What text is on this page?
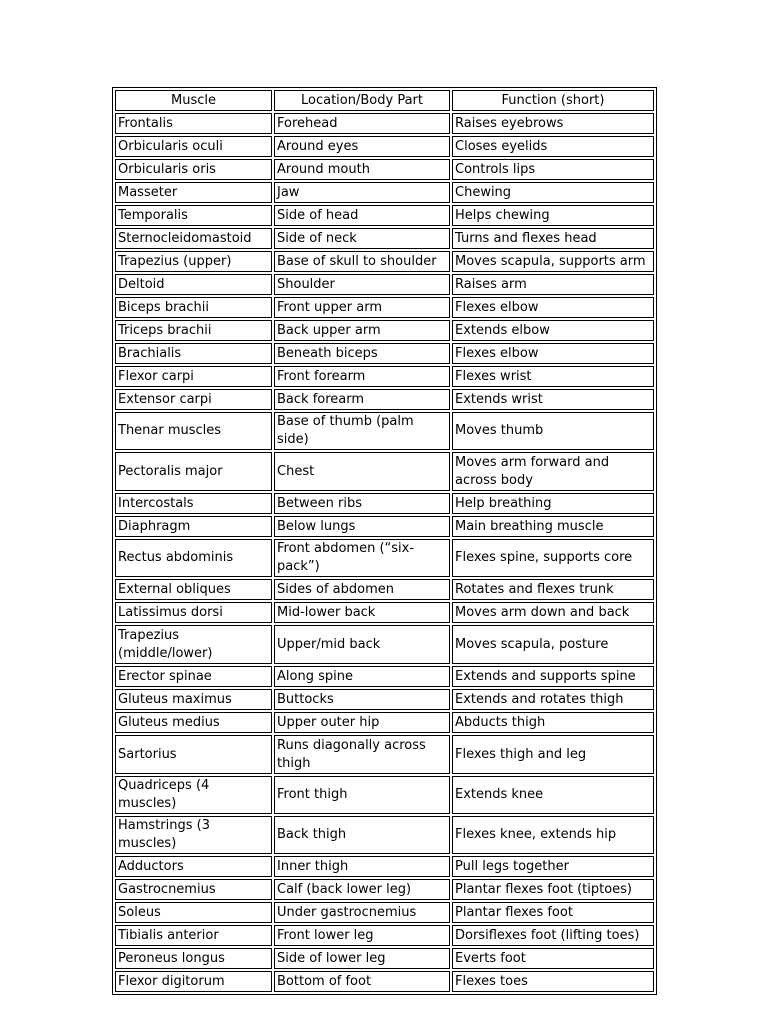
Muscle	Location/Body Part	Function (short)
Frontalis	Forehead	Raises eyebrows
Orbicularis oculi	Around eyes	Closes eyelids
Orbicularis oris	Around mouth	Controls lips
Masseter	Jaw	Chewing
Temporalis	Side of head	Helps chewing
Sternocleidomastoid	Side of neck	Turns and flexes head
Trapezius (upper)	Base of skull to shoulder	Moves scapula, supports arm
Deltoid	Shoulder	Raises arm
Biceps brachii	Front upper arm	Flexes elbow
Triceps brachii	Back upper arm	Extends elbow
Brachialis	Beneath biceps	Flexes elbow
Flexor carpi	Front forearm	Flexes wrist
Extensor carpi	Back forearm	Extends wrist
Thenar muscles	Base of thumb (palm side)	Moves thumb
Pectoralis major	Chest	Moves arm forward and across body
Intercostals	Between ribs	Help breathing
Diaphragm	Below lungs	Main breathing muscle
Rectus abdominis	Front abdomen (“six-pack”)	Flexes spine, supports core
External obliques	Sides of abdomen	Rotates and flexes trunk
Latissimus dorsi	Mid-lower back	Moves arm down and back
Trapezius (middle/lower)	Upper/mid back	Moves scapula, posture
Erector spinae	Along spine	Extends and supports spine
Gluteus maximus	Buttocks	Extends and rotates thigh
Gluteus medius	Upper outer hip	Abducts thigh
Sartorius	Runs diagonally across thigh	Flexes thigh and leg
Quadriceps (4 muscles)	Front thigh	Extends knee
Hamstrings (3 muscles)	Back thigh	Flexes knee, extends hip
Adductors	Inner thigh	Pull legs together
Gastrocnemius	Calf (back lower leg)	Plantar flexes foot (tiptoes)
Soleus	Under gastrocnemius	Plantar flexes foot
Tibialis anterior	Front lower leg	Dorsiflexes foot (lifting toes)
Peroneus longus	Side of lower leg	Everts foot
Flexor digitorum	Bottom of foot	Flexes toes
